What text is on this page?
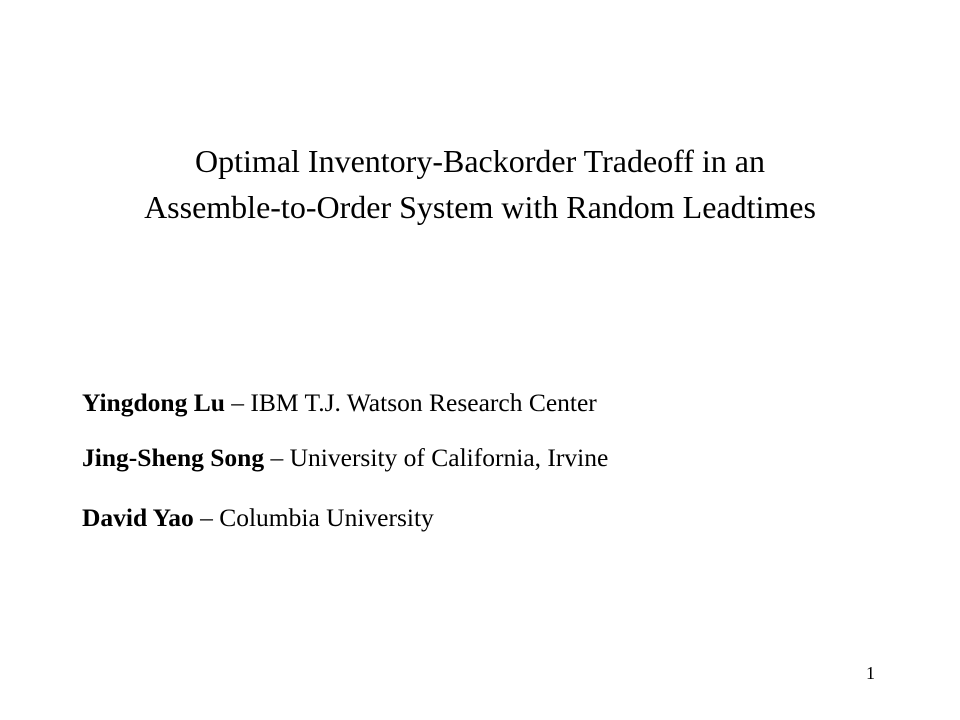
Optimal Inventory-Backorder Tradeoff in an
Assemble-to-Order System with Random Leadtimes
Yingdong Lu – IBM T.J. Watson Research Center
Jing-Sheng Song – University of California, Irvine
David Yao – Columbia University
1
